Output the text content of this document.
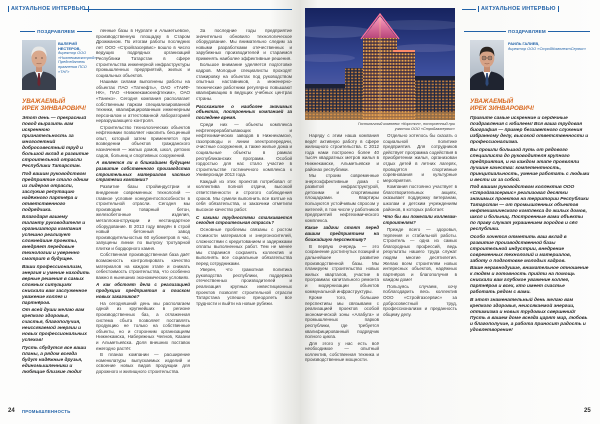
АКТУАЛЬНОЕ ИНТЕРВЬЮ
ПОЗДРАВЛЯЕМ
ВАЛЕРИЙ НЕСТЕРОВ,
директор ООО «Нижнекамскстрой», Председатель правления ПСО «ТНГ»
УВАЖАЕМЫЙ ИРЕК ЗИНВАРОВИЧ!

Этот день — прекрасный повод выразить вам искреннюю признательность за многолетний добросовестный труд и большой вклад в развитие строительной отрасли Республики Татарстан.

Под вашим руководством предприятие стало одним из лидеров отрасли, заслужив репутацию надёжного партнёра и ответственного подрядчика.

Благодаря вашему таланту руководителя и организатора компания успешно реализует сложнейшие проекты, внедряет передовые технологии и уверенно смотрит в будущее.

Ваши профессионализм, энергия и умение находить верные решения в самых сложных ситуациях снискали вам заслуженное уважение коллег и партнёров.

От всей души желаю вам крепкого здоровья, счастья, благополучия, неиссякаемой энергии и новых профессиональных успехов!

Пусть сбудутся все ваши планы, а рядом всегда будут надёжные друзья, единомышленники и любящие близкие люди!

ленные базы в Нурлате и Альметьевске, производственную площадку в Старом Дрожжаном. По итогам работы последних лет ООО «Стройгазсервис» вошло в число ведущих подрядных организаций Республики Татарстан в сфере строительства инженерной инфраструктуры промышленных предприятий, жилых и социальных объектов.

Нашими силами выполнены работы на объектах ПАО «Татнефть», ОАО «ТАИФ-НК», ПАО «Нижнекамскнефтехим», ОАО «Танеко». Сегодня компания располагает собственным парком специализированной техники, квалифицированным инженерным персоналом и аттестованной лабораторией неразрушающего контроля.

Строительство технологических объектов нефтехимии позволяет накопить бесценный опыт, который затем применяется при возведении объектов гражданского назначения — жилых домов, школ, детских садов, больниц и спортивных сооружений.

А является ли в ближайшем будущем развитие собственного производства строительных материалов частью стратегии компании?

Развитие базы стройиндустрии и внедрение современных технологий — главное условие конкурентоспособности в строительной отрасли. Сегодня мы производим товарный бетон, железобетонные изделия, металлоконструкции и нестандартное оборудование. В 2013 году введён в строй новый бетонный завод производительностью 60 кубометров в час, запущены линии по выпуску тротуарной плитки и бордюрного камня.

Собственная производственная база даёт возможность контролировать качество материалов на каждом этапе и снижать себестоимость строительства, что особенно важно в нынешних экономических условиях.

А как обстоят дела с реализацией продукции предприятия и поиском новых заказчиков?

На сегодняшний день мы располагаем одной из крупнейших в регионе производственных баз, а отлаженная система сбыта позволяет поставлять продукцию не только на собственные объекты, но и сторонним организациям Нижнекамска, Набережных Челнов, Казани и Альметьевска. Доля внешних поставок ежегодно растёт.

В планах компании — расширение номенклатуры выпускаемых изделий и освоение новых видов продукции для дорожного и жилищного строительства.

За последние годы предприятие значительно обновило технологическое оборудование. Мы внимательно следим за новыми разработками отечественных и зарубежных производителей и стараемся применять наиболее эффективные решения.

Большое внимание уделяется подготовке кадров. Молодые специалисты проходят стажировку на объектах под руководством опытных наставников, а инженерно-технические работники регулярно повышают квалификацию в ведущих учебных центрах страны.

Расскажите о наиболее значимых объектах, построенных компанией за последнее время.

Среди них — объекты комплекса нефтеперерабатывающих и нефтехимических заводов в Нижнекамске, газопроводы и линии электропередачи, очистные сооружения, а также жилые дома и социальные объекты в рамках республиканских программ. Особой гордостью для нас стало участие в строительстве гостиничного комплекса к Универсиаде 2013 года.

Каждый из этих проектов потребовал от коллектива полной отдачи, высокой ответственности и строгого соблюдения сроков. Мы сумели выполнить все взятые на себя обязательства, и заказчики отметили высокое качество работ.

С какими трудностями сталкивается сегодня строительная отрасль?

Основные проблемы связаны с ростом стоимости материалов и энергоносителей, сложностями с кредитованием и задержками оплаты выполненных работ. Тем не менее мы стараемся сохранять коллектив и выполнять все социальные обязательства перед сотрудниками.

Уверен, что грамотная политика руководства республики, поддержка отечественных производителей и реализация крупных инвестиционных проектов позволят строительной отрасли Татарстана успешно преодолеть все трудности и выйти на новые рубежи.

24 ПРОМЫШЛЕННОСТЬ
Гостиничный комплекс «Корстон», построенный при участии ООО «Стройгазсервис»

Наряду с этим наша компания ведёт активную работу в сфере жилищного строительства. С 2012 года нами построено более 40 тысяч квадратных метров жилья в Нижнекамске, Альметьевске и районах республики.

Мы строим современные энергоэффективные дома с развитой инфраструктурой, детскими и спортивными площадками. Квартиры пользуются устойчивым спросом у жителей, в том числе у работников предприятий нефтехимического комплекса.

Какие задачи стоят перед вашим предприятием на ближайшую перспективу?

В первую очередь — это сохранение достигнутых позиций и дальнейшее развитие производственной базы. Мы планируем строительство новых жилых кварталов, участие в программах капитального ремонта и модернизации объектов коммунальной инфраструктуры.

Кроме того, большие перспективы мы связываем с реализацией проектов особой экономической зоны «Алабуга» и промышленных парков республики, где требуется квалифицированный подрядчик полного цикла.

Для этого у нас есть всё необходимое — опытный коллектив, собственная техника и производственные мощности.

Отдельно хотелось бы сказать о социальной политике предприятия. Для сотрудников действует программа содействия в приобретении жилья, организован отдых детей в летних лагерях, проводятся спортивные соревнования и культурные мероприятия.

Компания постоянно участвует в благотворительных акциях, оказывает поддержку ветеранам, школам и детским учреждениям районов, в которых работает.

Что бы вы пожелали коллегам-строителям?

Прежде всего — здоровья, терпения и стабильной работы. Строитель — одна из самых благородных профессий, ведь результаты нашего труда служат людям многие десятилетия. Желаю всем строителям новых интересных объектов, надёжных партнёров и благополучия в каждом доме!

Пользуясь случаем, хочу поблагодарить весь коллектив ООО «Стройгазсервис» за добросовестный труд, профессионализм и преданность общему делу.

АКТУАЛЬНОЕ ИНТЕРВЬЮ
ПОЗДРАВЛЯЕМ
РАИЛЬ ГАЛИЕВ,
директор ООО «СтройКомплектСервис»
УВАЖАЕМЫЙ ИРЕК ЗИНВАРОВИЧ!

Примите самые искренние и сердечные поздравления с юбилеем! Вся ваша трудовая биография — пример беззаветного служения избранному делу, высокой ответственности и профессионализма.

Вы прошли большой путь от рядового специалиста до руководителя крупного предприятия, и на каждом этапе проявляли лучшие качества: компетентность, принципиальность, умение работать с людьми и вести их за собой.

Под вашим руководством коллектив ООО «Стройгазсервис» реализовал десятки значимых проектов на территории Республики Татарстан — от промышленных объектов нефтехимического комплекса до жилых домов, школ и больниц. Построенные вами объекты по праву служат украшением городов и сёл республики.

Особо хочется отметить ваш вклад в развитие производственной базы строительной индустрии, внедрение современных технологий и материалов, заботу о подготовке молодых кадров.

Ваше неравнодушие, внимательное отношение к людям и готовность прийти на помощь снискали вам глубокое уважение коллег, партнёров и всех, кто имеет счастье работать рядом с вами.

В этот знаменательный день желаю вам крепкого здоровья, неиссякаемой энергии, оптимизма и новых трудовых свершений! Пусть в вашем доме всегда царят мир, любовь и благополучие, а работа приносит радость и удовлетворение!

25
